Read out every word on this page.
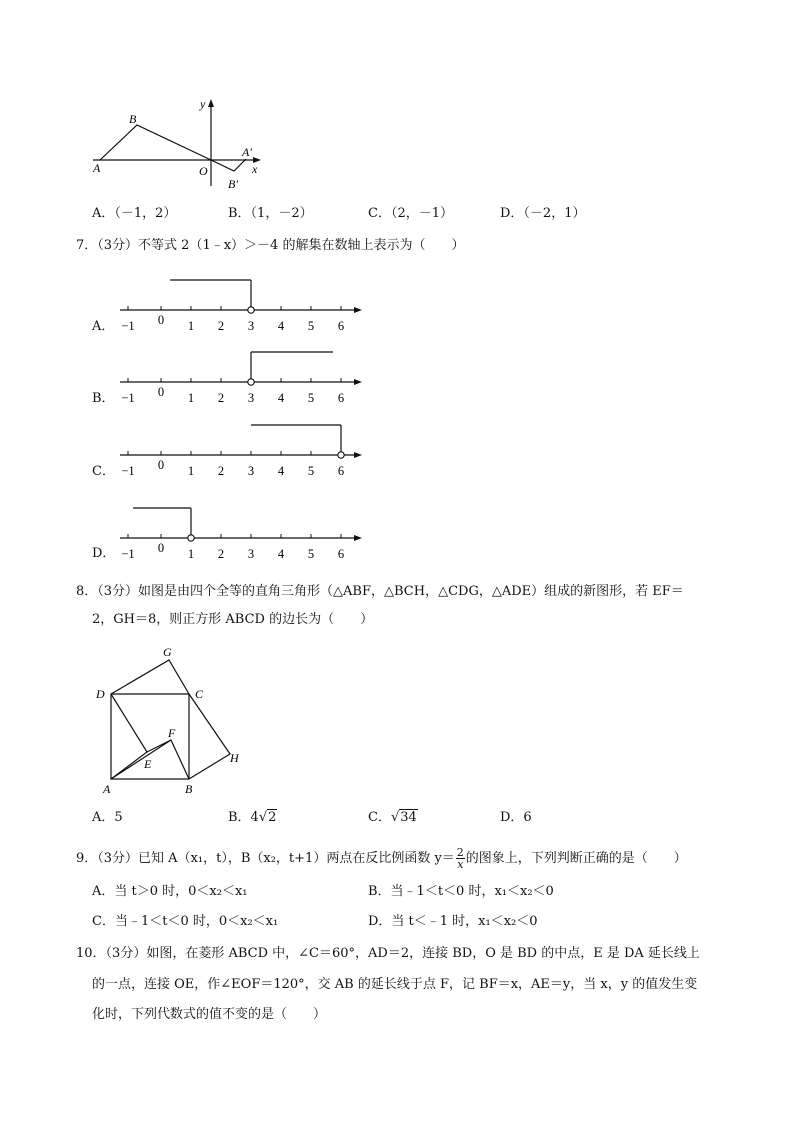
y
B
A	O
A′
x
B′
A．（－1，2）	B．（1，－2）	C．（2，－1）	D．（－2，1）
7．（3分）不等式 2（1﹣x）＞－4 的解集在数轴上表示为（　　）
−1 0 1 2 3 4 5 6
−1 0 1 2 3 4 5 6
−1 0 1 2 3 4 5 6
−1 0 1 2 3 4 5 6
A．
B．
C．
D．
8．（3分）如图是由四个全等的直角三角形（△ABF，△BCH，△CDG，△ADE）组成的新图形，若 EF＝
2，GH＝8，则正方形 ABCD 的边长为（　　）
G
D	C
F
E	H
A	B
A．5	B．4√2	C．√34	D．6
9．（3分）已知 A（x₁，t），B（x₂，t+1）两点在反比例函数 $y= \frac{2}{x}$ 的图象上，下列判断正确的是（　　）
A．当 t＞0 时，0＜x₂＜x₁	B．当﹣1＜t＜0 时，x₁＜x₂＜0
C．当﹣1＜t＜0 时，0＜x₂＜x₁	D．当 t＜﹣1 时，x₁＜x₂＜0
10．（3分）如图，在菱形 ABCD 中，∠C＝60°，AD＝2，连接 BD，O 是 BD 的中点，E 是 DA 延长线上
的一点，连接 OE，作∠EOF＝120°，交 AB 的延长线于点 F，记 BF＝x，AE＝y，当 x，y 的值发生变
化时，下列代数式的值不变的是（　　）
